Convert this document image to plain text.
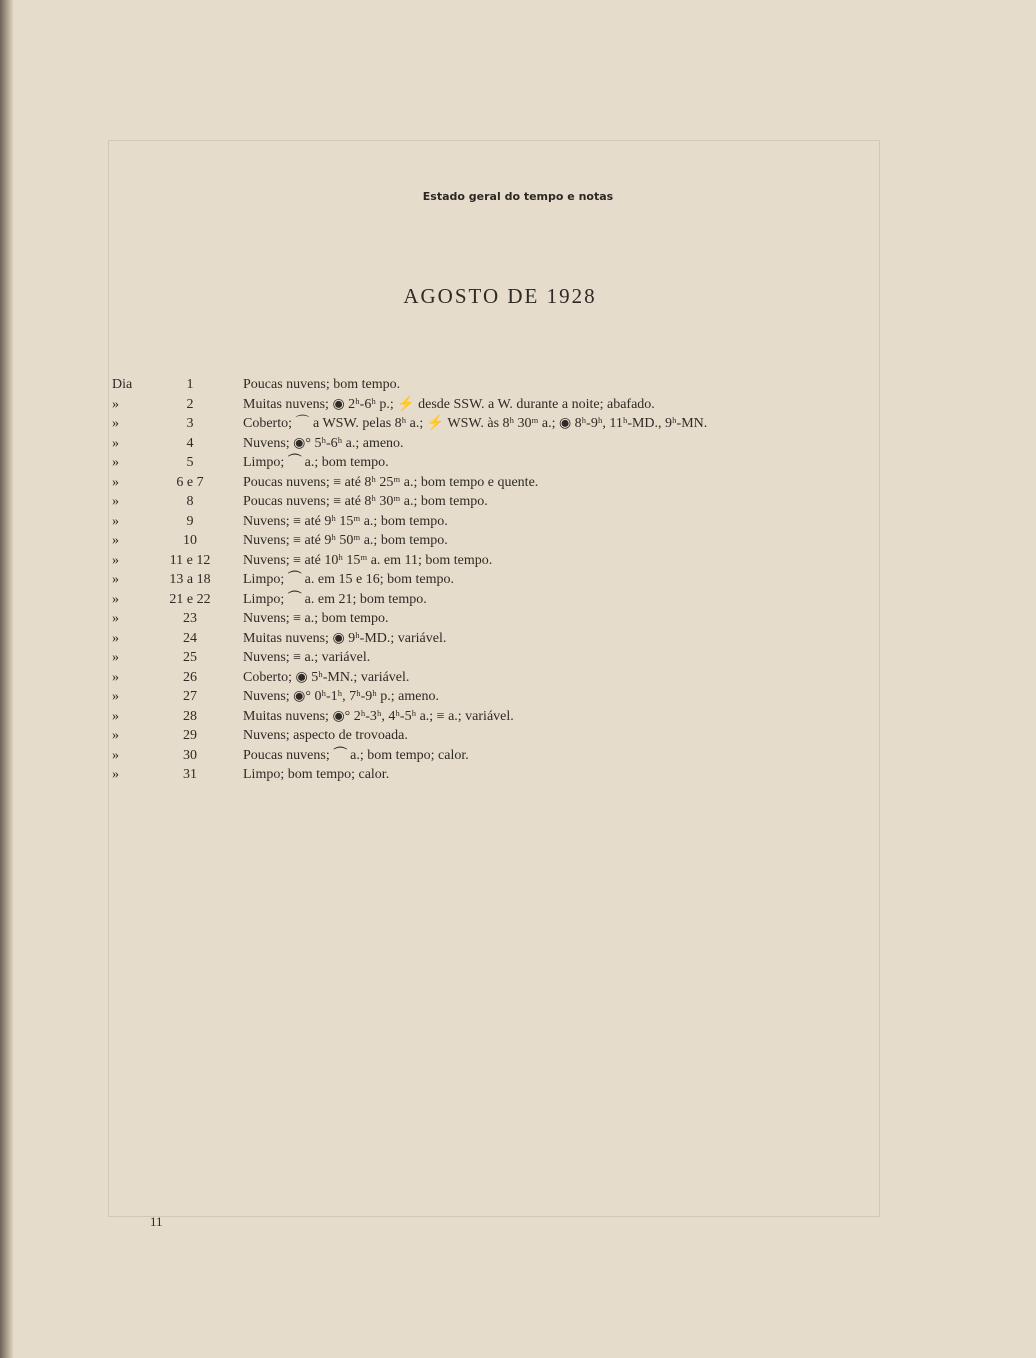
Estado geral do tempo e notas
AGOSTO DE 1928
Dia	1	Poucas nuvens; bom tempo.
»	2	Muitas nuvens; ◉ 2ʰ-6ʰ p.; ⚡ desde SSW. a W. durante a noite; abafado.
»	3	Coberto; ⌒ a WSW. pelas 8ʰ a.; ⚡ WSW. às 8ʰ 30ᵐ a.; ◉ 8ʰ-9ʰ, 11ʰ-MD., 9ʰ-MN.
»	4	Nuvens; ◉° 5ʰ-6ʰ a.; ameno.
»	5	Limpo; ⏜ a.; bom tempo.
»	6 e 7	Poucas nuvens; ≡ até 8ʰ 25ᵐ a.; bom tempo e quente.
»	8	Poucas nuvens; ≡ até 8ʰ 30ᵐ a.; bom tempo.
»	9	Nuvens; ≡ até 9ʰ 15ᵐ a.; bom tempo.
»	10	Nuvens; ≡ até 9ʰ 50ᵐ a.; bom tempo.
»	11 e 12	Nuvens; ≡ até 10ʰ 15ᵐ a. em 11; bom tempo.
»	13 a 18	Limpo; ⏜ a. em 15 e 16; bom tempo.
»	21 e 22	Limpo; ⏜ a. em 21; bom tempo.
»	23	Nuvens; ≡ a.; bom tempo.
»	24	Muitas nuvens; ◉ 9ʰ-MD.; variável.
»	25	Nuvens; ≡ a.; variável.
»	26	Coberto; ◉ 5ʰ-MN.; variável.
»	27	Nuvens; ◉° 0ʰ-1ʰ, 7ʰ-9ʰ p.; ameno.
»	28	Muitas nuvens; ◉° 2ʰ-3ʰ, 4ʰ-5ʰ a.; ≡ a.; variável.
»	29	Nuvens; aspecto de trovoada.
»	30	Poucas nuvens; ⏜ a.; bom tempo; calor.
»	31	Limpo; bom tempo; calor.
11
